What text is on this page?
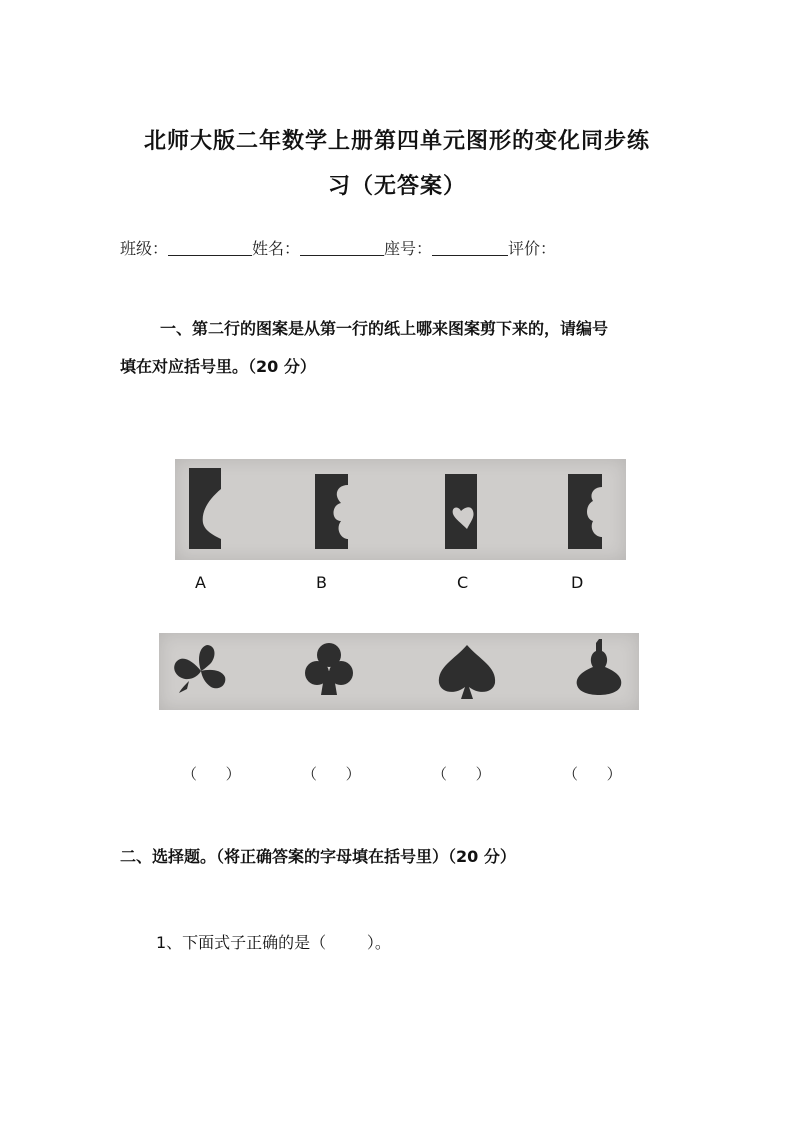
北师大版二年数学上册第四单元图形的变化同步练
习（无答案）
班级：	姓名：	座号：	评价：
一、第二行的图案是从第一行的纸上哪来图案剪下来的，请编号
填在对应括号里。（20 分）
A	B	C	D
（      ）	（      ）	（      ）	（      ）
二、选择题。（将正确答案的字母填在括号里）（20 分）
1、下面式子正确的是（        ）。
